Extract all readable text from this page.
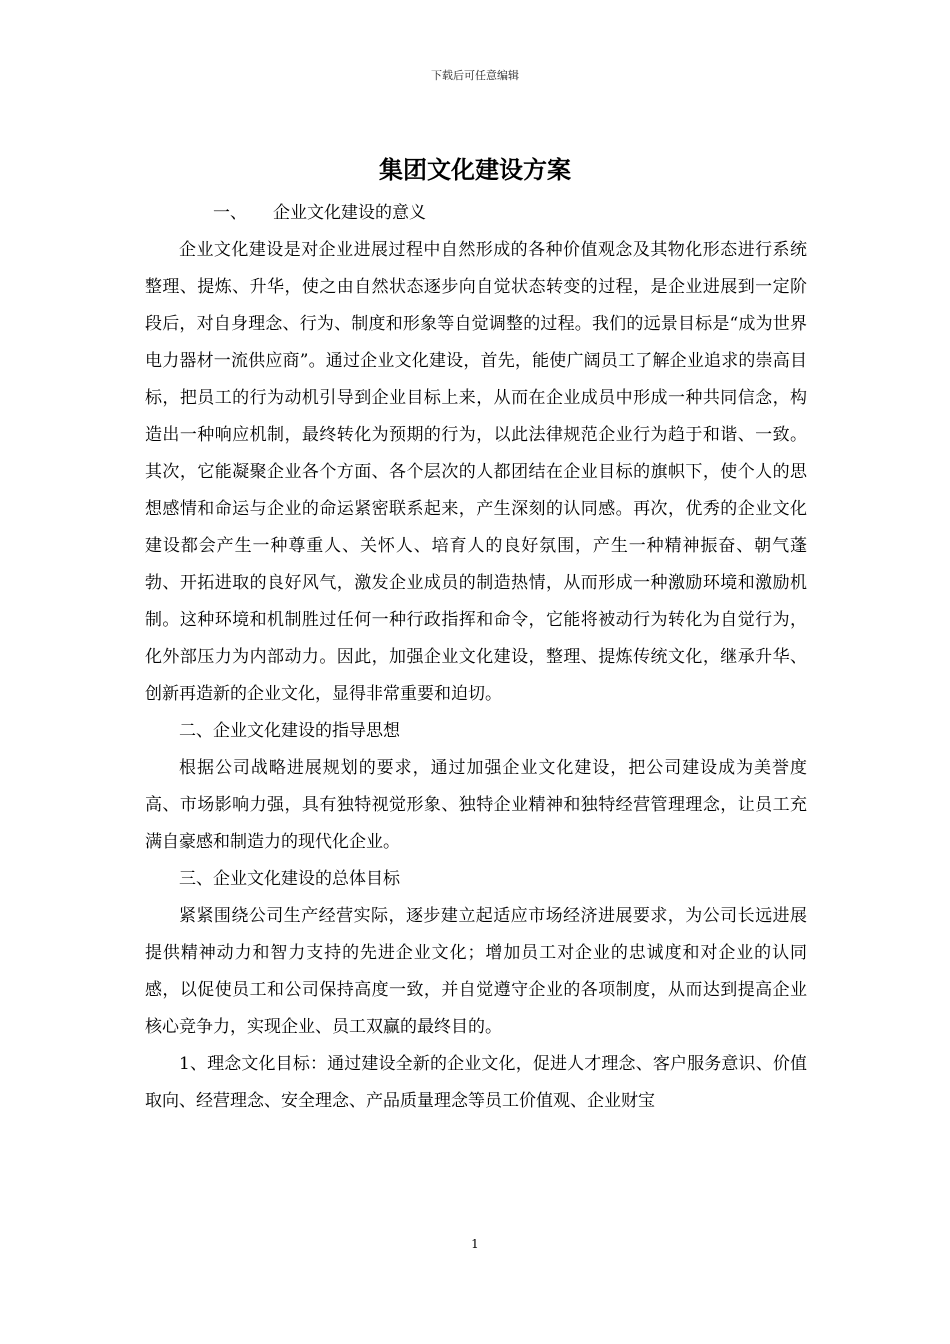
下载后可任意编辑
集团文化建设方案

一、 企业文化建设的意义

企业文化建设是对企业进展过程中自然形成的各种价值观念及其物化形态进行系统整理、提炼、升华，使之由自然状态逐步向自觉状态转变的过程，是企业进展到一定阶段后，对自身理念、行为、制度和形象等自觉调整的过程。我们的远景目标是“成为世界电力器材一流供应商”。通过企业文化建设，首先，能使广阔员工了解企业追求的崇高目标，把员工的行为动机引导到企业目标上来，从而在企业成员中形成一种共同信念，构造出一种响应机制，最终转化为预期的行为，以此法律规范企业行为趋于和谐、一致。其次，它能凝聚企业各个方面、各个层次的人都团结在企业目标的旗帜下，使个人的思想感情和命运与企业的命运紧密联系起来，产生深刻的认同感。再次，优秀的企业文化建设都会产生一种尊重人、关怀人、培育人的良好氛围，产生一种精神振奋、朝气蓬勃、开拓进取的良好风气，激发企业成员的制造热情，从而形成一种激励环境和激励机制。这种环境和机制胜过任何一种行政指挥和命令，它能将被动行为转化为自觉行为，化外部压力为内部动力。因此，加强企业文化建设，整理、提炼传统文化，继承升华、创新再造新的企业文化，显得非常重要和迫切。

二、企业文化建设的指导思想

根据公司战略进展规划的要求，通过加强企业文化建设，把公司建设成为美誉度高、市场影响力强，具有独特视觉形象、独特企业精神和独特经营管理理念，让员工充满自豪感和制造力的现代化企业。

三、企业文化建设的总体目标

紧紧围绕公司生产经营实际，逐步建立起适应市场经济进展要求，为公司长远进展提供精神动力和智力支持的先进企业文化；增加员工对企业的忠诚度和对企业的认同感，以促使员工和公司保持高度一致，并自觉遵守企业的各项制度，从而达到提高企业核心竞争力，实现企业、员工双赢的最终目的。

1、理念文化目标：通过建设全新的企业文化，促进人才理念、客户服务意识、价值取向、经营理念、安全理念、产品质量理念等员工价值观、企业财宝

1
